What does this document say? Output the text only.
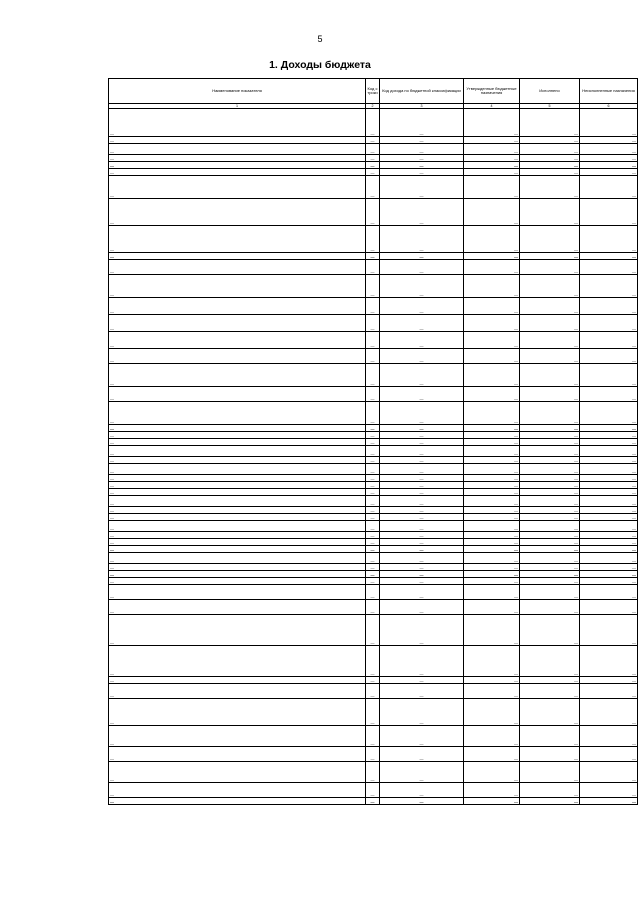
5
1. Доходы бюджета
Наименование показателя	Код строки	Код дохода по бюджетной классификации	Утвержденные бюджетные назначения	Исполнено	Неисполненные назначения
1	2	3	4	5	6
—	—	—	—	—	—
—	—	—	—	—	—
—	—	—	—	—	—
—	—	—	—	—	—
—	—	—	—	—	—
—	—	—	—	—	—
—	—	—	—	—	—
—	—	—	—	—	—
—	—	—	—	—	—
—	—	—	—	—	—
—	—	—	—	—	—
—	—	—	—	—	—
—	—	—	—	—	—
—	—	—	—	—	—
—	—	—	—	—	—
—	—	—	—	—	—
—	—	—	—	—	—
—	—	—	—	—	—
—	—	—	—	—	—
—	—	—	—	—	—
—	—	—	—	—	—
—	—	—	—	—	—
—	—	—	—	—	—
—	—	—	—	—	—
—	—	—	—	—	—
—	—	—	—	—	—
—	—	—	—	—	—
—	—	—	—	—	—
—	—	—	—	—	—
—	—	—	—	—	—
—	—	—	—	—	—
—	—	—	—	—	—
—	—	—	—	—	—
—	—	—	—	—	—
—	—	—	—	—	—
—	—	—	—	—	—
—	—	—	—	—	—
—	—	—	—	—	—
—	—	—	—	—	—
—	—	—	—	—	—
—	—	—	—	—	—
—	—	—	—	—	—
—	—	—	—	—	—
—	—	—	—	—	—
—	—	—	—	—	—
—	—	—	—	—	—
—	—	—	—	—	—
—	—	—	—	—	—
—	—	—	—	—	—
—	—	—	—	—	—
—	—	—	—	—	—
